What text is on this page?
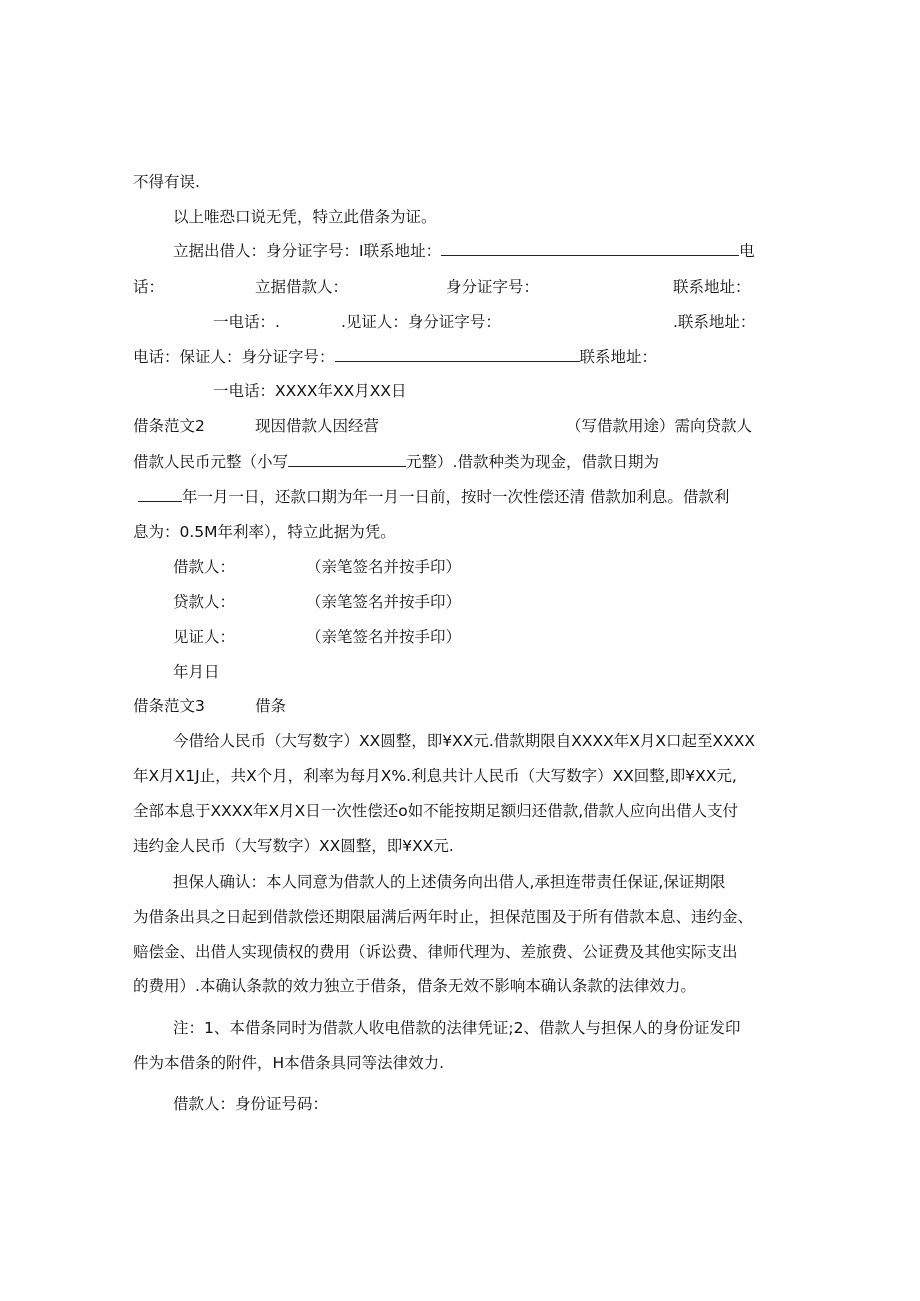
不得有误.
以上唯恐口说无凭，特立此借条为证。
立据出借人：身分证字号：I联系地址：	电
话：	立据借款人：	身分证字号：	联系地址：
一电话：.	.见证人：身分证字号：	.联系地址：
电话：保证人：身分证字号：	联系地址：
一电话：XXXX年XX月XX日
借条范文2	现因借款人因经营	（写借款用途）需向贷款人
借款人民币元整（小写	元整）.借款种类为现金，借款日期为
年一月一日，还款口期为年一月一日前，按时一次性偿还清 借款加利息。借款利
息为：0.5M年利率），特立此据为凭。
借款人：	（亲笔签名并按手印）
贷款人：	（亲笔签名并按手印）
见证人：	（亲笔签名并按手印）
年月日
借条范文3	借条
今借给人民币（大写数字）XX圆整，即¥XX元.借款期限自XXXX年X月X口起至XXXX
年X月X1J止，共X个月，利率为每月X%.利息共计人民币（大写数字）XX回整,即¥XX元,
全部本息于XXXX年X月X日一次性偿还o如不能按期足额归还借款,借款人应向出借人支付
违约金人民币（大写数字）XX圆整，即¥XX元.
担保人确认：本人同意为借款人的上述债务向出借人,承担连带责任保证,保证期限
为借条出具之日起到借款偿还期限届满后两年时止，担保范围及于所有借款本息、违约金、
赔偿金、出借人实现债权的费用（诉讼费、律师代理为、差旅费、公证费及其他实际支出
的费用）.本确认条款的效力独立于借条，借条无效不影响本确认条款的法律效力。
注：1、本借条同时为借款人收电借款的法律凭证;2、借款人与担保人的身份证发印
件为本借条的附件，H本借条具同等法律效力.
借款人：身份证号码：
